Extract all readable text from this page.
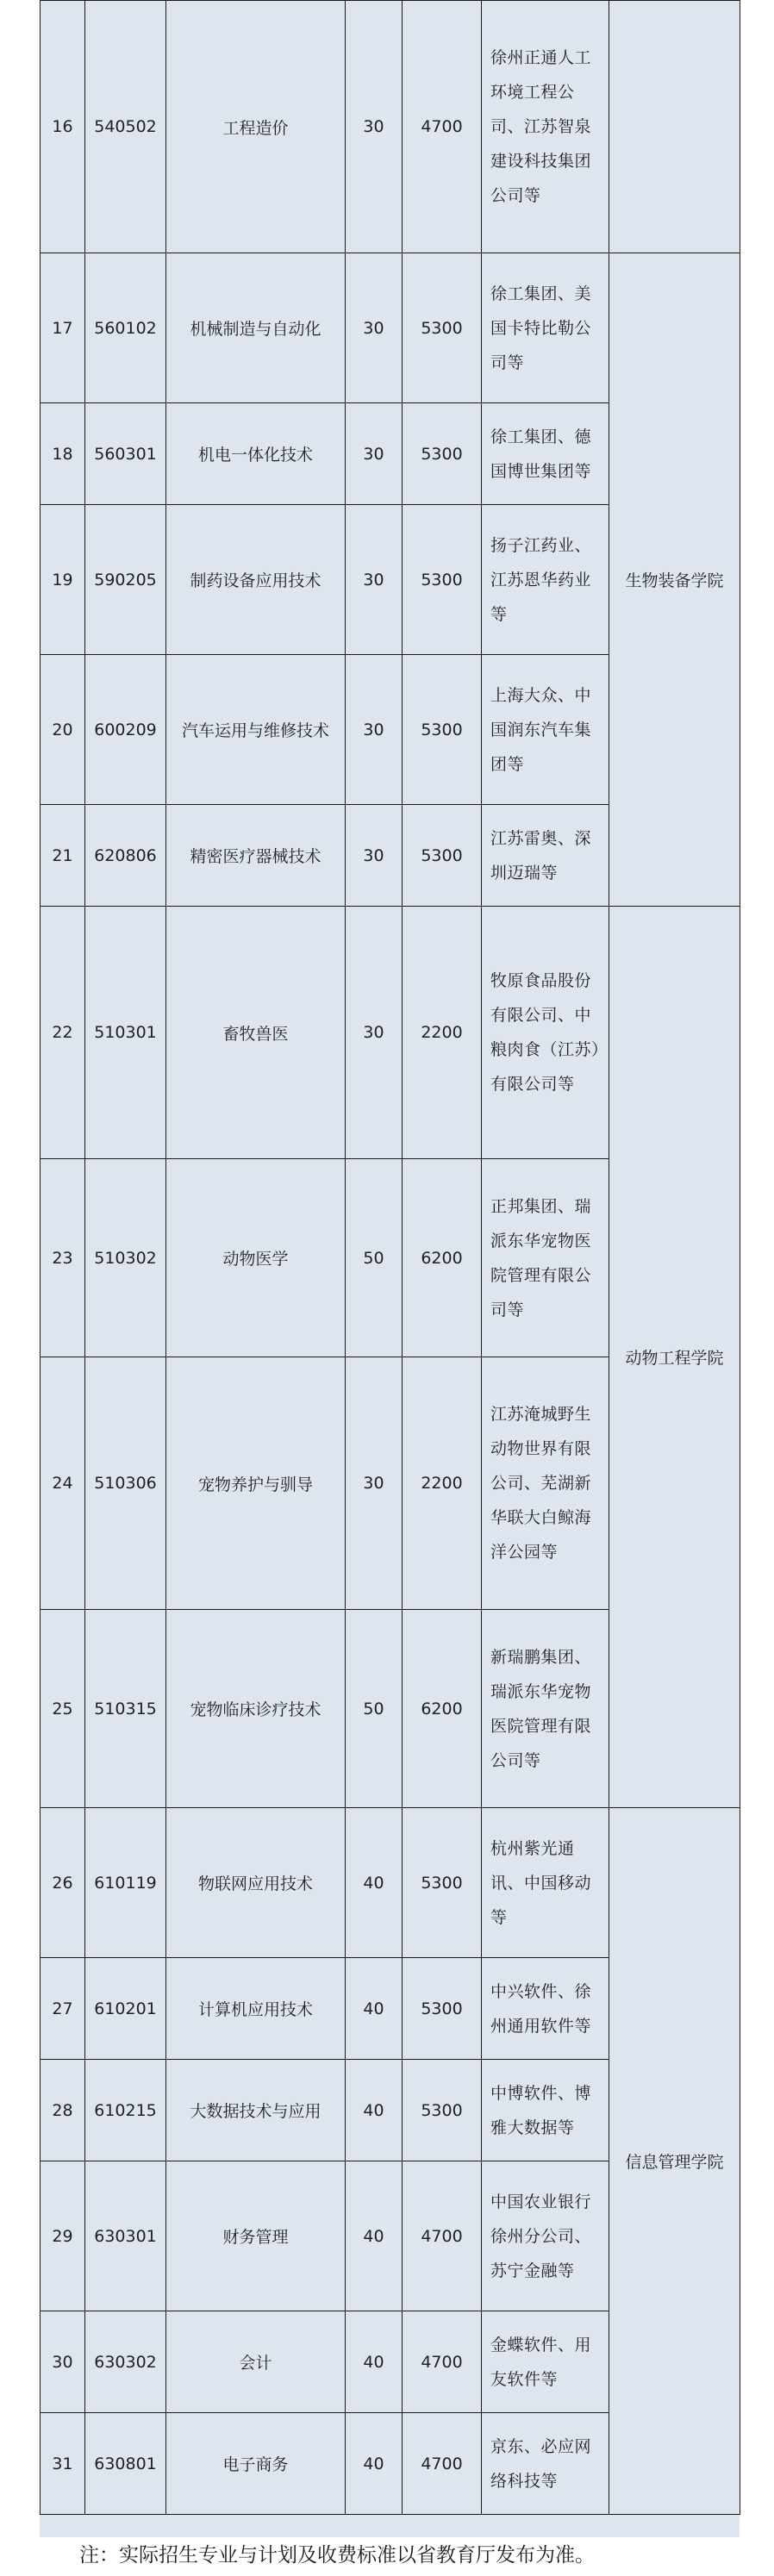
16	540502	工程造价	30	4700	徐州正通人工环境工程公司、江苏智泉建设科技集团公司等	
17	560102	机械制造与自动化	30	5300	徐工集团、美国卡特比勒公司等	生物装备学院
18	560301	机电一体化技术	30	5300	徐工集团、德国博世集团等	
19	590205	制药设备应用技术	30	5300	扬子江药业、江苏恩华药业等	
20	600209	汽车运用与维修技术	30	5300	上海大众、中国润东汽车集团等	
21	620806	精密医疗器械技术	30	5300	江苏雷奥、深圳迈瑞等	
22	510301	畜牧兽医	30	2200	牧原食品股份有限公司、中粮肉食（江苏）有限公司等	动物工程学院
23	510302	动物医学	50	6200	正邦集团、瑞派东华宠物医院管理有限公司等	
24	510306	宠物养护与驯导	30	2200	江苏淹城野生动物世界有限公司、芜湖新华联大白鲸海洋公园等	
25	510315	宠物临床诊疗技术	50	6200	新瑞鹏集团、瑞派东华宠物医院管理有限公司等	
26	610119	物联网应用技术	40	5300	杭州紫光通讯、中国移动等	信息管理学院
27	610201	计算机应用技术	40	5300	中兴软件、徐州通用软件等	
28	610215	大数据技术与应用	40	5300	中博软件、博雅大数据等	
29	630301	财务管理	40	4700	中国农业银行徐州分公司、苏宁金融等	
30	630302	会计	40	4700	金蝶软件、用友软件等	
31	630801	电子商务	40	4700	京东、必应网络科技等	
注：实际招生专业与计划及收费标准以省教育厅发布为准。
